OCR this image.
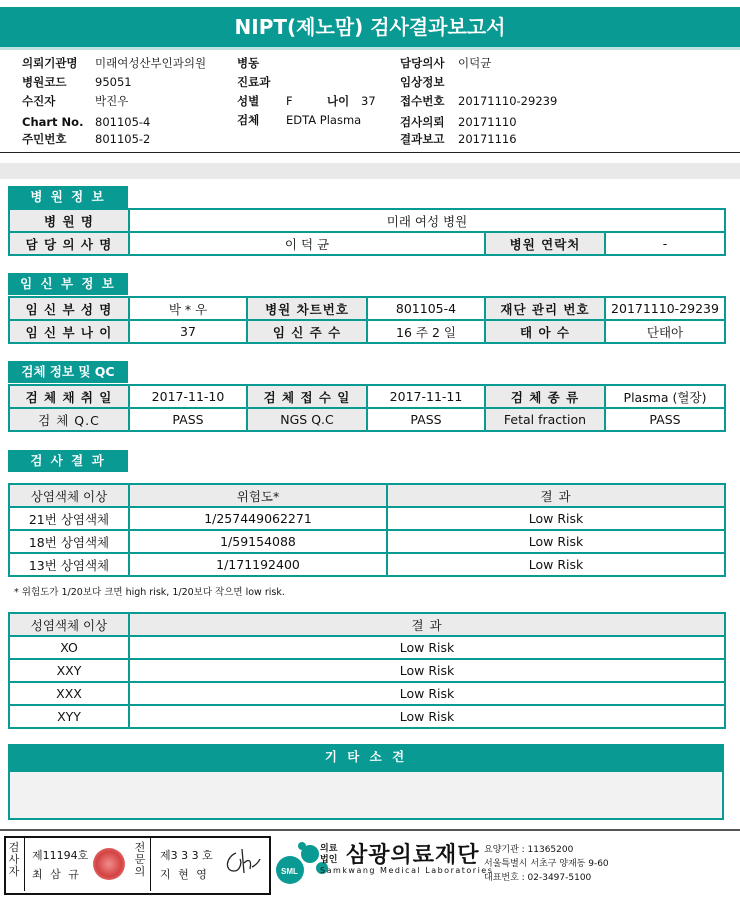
NIPT(제노맘) 검사결과보고서
의뢰기관명 미래여성산부인과의원
병원코드 95051
수진자	박진우
Chart No. 801105-4
주민번호 801105-2
병동
진료과
성별 F	나이 37
검체 EDTA Plasma
담당의사 이덕균
임상정보
접수번호 20171110-29239
검사의뢰 20171110
결과보고 20171116
병 원 정 보
병 원 명	미래 여성 병원		
담 당 의 사 명	이 덕 균	병원 연락처	-
임 신 부 정 보
임 신 부 성 명	박 * 우	병원 차트번호	801105-4	재단 관리 번호	20171110-29239
임 신 부 나 이	37	임 신 주 수	16 주 2 일	태 아 수	단태아
검체 정보 및 QC
검 체 채 취 일	2017-11-10	검 체 접 수 일	2017-11-11	검 체 종 류	Plasma (혈장)
검 체 Q.C	PASS	NGS Q.C	PASS	Fetal fraction	PASS
검 사 결 과
상염색체 이상	위험도*	결 과
21번 상염색체	1/257449062271	Low Risk
18번 상염색체	1/59154088	Low Risk
13번 상염색체	1/171192400	Low Risk
* 위험도가 1/20보다 크면 high risk, 1/20보다 작으면 low risk.
성염색체 이상	결 과
XO	Low Risk
XXY	Low Risk
XXX	Low Risk
XYY	Low Risk
기 타 소 견
검사자
제11194호
최 삼 규
전문의
제3 3 3 호
지 현 영	SML
의료
법인 삼광의료재단
Samkwang Medical Laboratories
요양기관 : 11365200
서울특별시 서초구 양재동 9-60
대표번호 : 02-3497-5100
